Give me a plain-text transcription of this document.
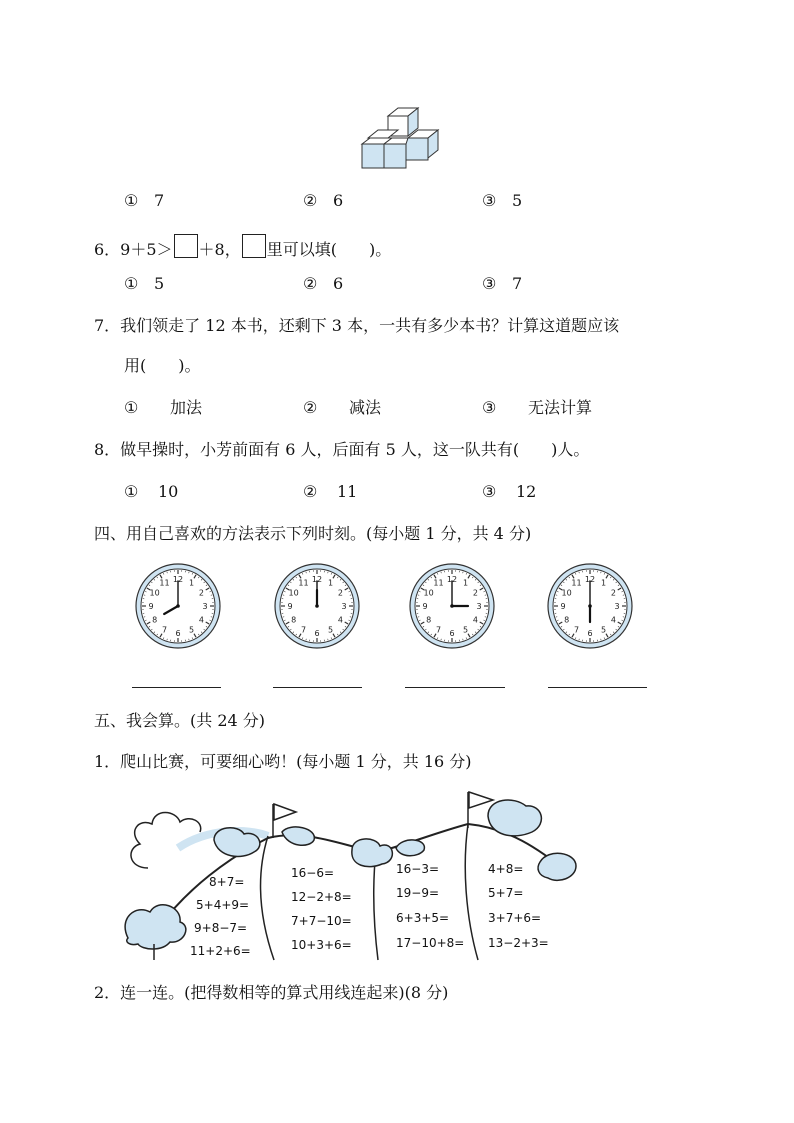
① 7	② 6	③ 5
6．9＋5＞ ＋8， 里可以填(　　)。
① 5	② 6	③ 7
7．我们领走了 12 本书，还剩下 3 本，一共有多少本书？计算这道题应该
用(　　)。
① 加法	② 减法	③ 无法计算
8．做早操时，小芳前面有 6 人，后面有 5 人，这一队共有(　　)人。
① 10	② 11	③ 12
四、用自己喜欢的方法表示下列时刻。(每小题 1 分，共 4 分)
12 1
2
3
4
5
6
7
8
9
10
11	12 1
2
3
4
5
6
7
8
9
10
11	12 1
2
3
4
5
6
7
8
9
10
11	12 1
2
3
4
5
6
7
8
9
10
11
五、我会算。(共 24 分)
1．爬山比赛，可要细心哟！(每小题 1 分，共 16 分)
8+7=
5+4+9=
9+8−7=
11+2+6=
16−6=
12−2+8=
7+7−10=
10+3+6=
16−3=
19−9=
6+3+5=
17−10+8=
4+8=
5+7=
3+7+6=
13−2+3=
2．连一连。(把得数相等的算式用线连起来)(8 分)
